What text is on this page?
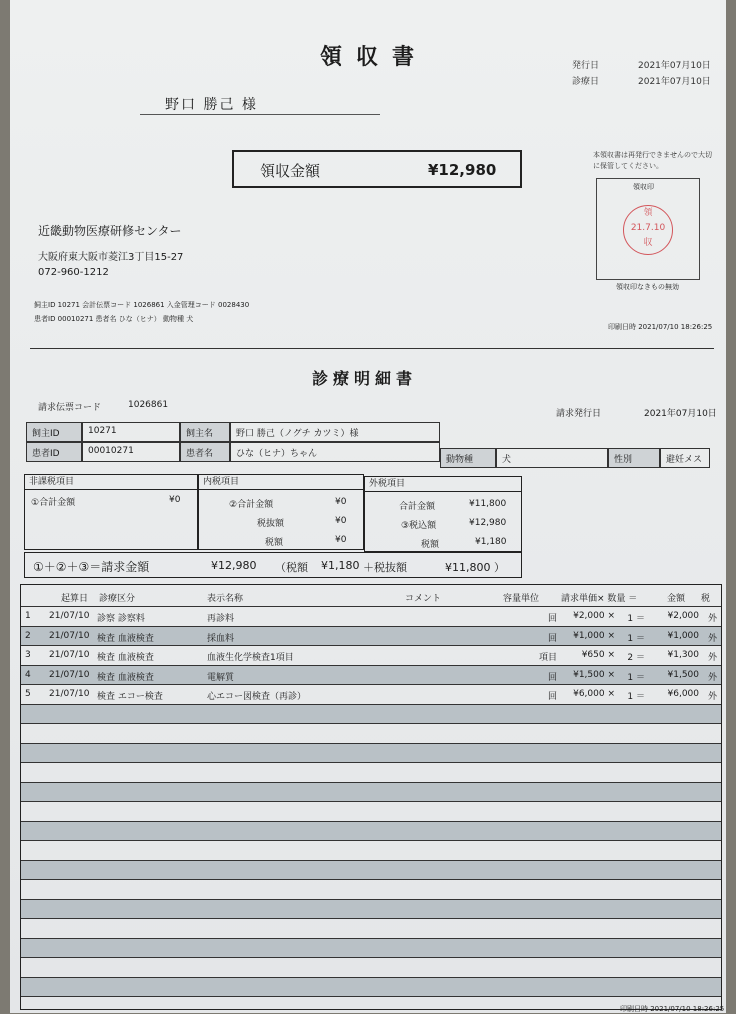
領収書	発行日	2021年07月10日
診療日	2021年07月10日
野口 勝己 様
領収金額	¥12,980
本領収書は再発行できませんので大切に保管してください。
領収印
領
21.7.10
収
領収印なきもの無効
近畿動物医療研修センター
大阪府東大阪市菱江3丁目15-27
072-960-1212
飼主ID 10271 会計伝票コード 1026861 入金管理コード 0028430
患者ID 00010271 患者名 ひな（ヒナ） 動物種 犬
印刷日時 2021/07/10 18:26:25
診療明細書
請求伝票コード	1026861
請求発行日	2021年07月10日
飼主ID	10271	飼主名	野口 勝己（ノグチ カツミ）様
患者ID	00010271	患者名	ひな（ヒナ）ちゃん
動物種	犬	性別	避妊メス
非課税項目
①合計金額	¥0
内税項目
②合計金額	¥0
税抜額	¥0
税額	¥0
外税項目
合計金額	¥11,800
③税込額	¥12,980
税額	¥1,180
①＋②＋③＝請求金額	¥12,980 （税額 ¥1,180 ＋税抜額	¥11,800 ）
起算日 診療区分	表示名称	コメント	容量単位 請求単価× 数量 ＝	金額 税
1 21/07/10 診察 診察料	再診料	回 ¥2,000 × 1 ＝	¥2,000 外
2 21/07/10 検査 血液検査	採血料	回 ¥1,000 × 1 ＝	¥1,000 外
3 21/07/10 検査 血液検査	血液生化学検査1項目	項目	¥650 × 2 ＝	¥1,300 外
4 21/07/10 検査 血液検査	電解質	回 ¥1,500 × 1 ＝	¥1,500 外
5 21/07/10 検査 エコー検査	心エコー図検査（再診）	回 ¥6,000 × 1 ＝	¥6,000 外
印刷日時 2021/07/10 18:26:25
